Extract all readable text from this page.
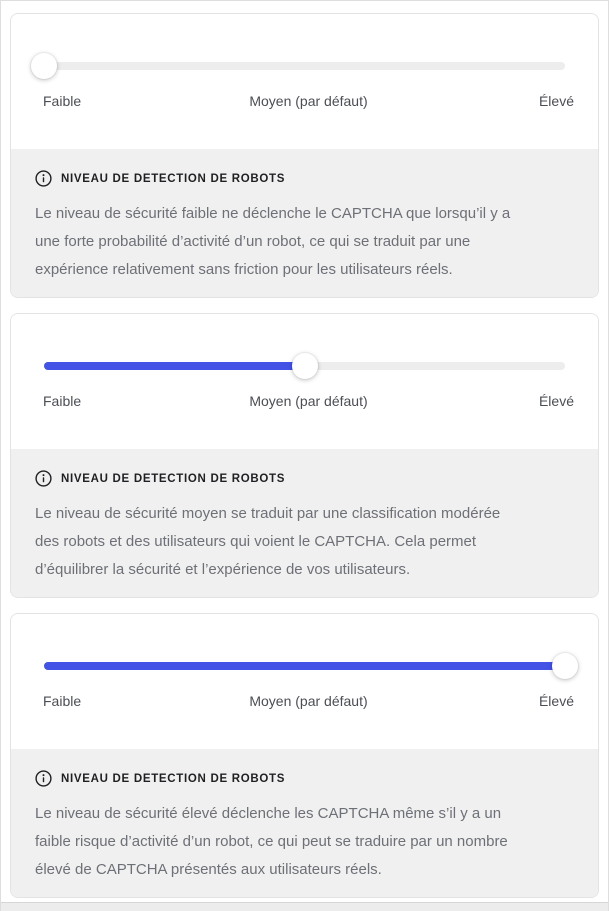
Faible	Moyen (par défaut)	Élevé
NIVEAU DE DETECTION DE ROBOTS
Le niveau de sécurité faible ne déclenche le CAPTCHA que lorsqu’il y a
une forte probabilité d’activité d’un robot, ce qui se traduit par une
expérience relativement sans friction pour les utilisateurs réels.
Faible	Moyen (par défaut)	Élevé
NIVEAU DE DETECTION DE ROBOTS
Le niveau de sécurité moyen se traduit par une classification modérée
des robots et des utilisateurs qui voient le CAPTCHA. Cela permet
d’équilibrer la sécurité et l’expérience de vos utilisateurs.
Faible	Moyen (par défaut)	Élevé
NIVEAU DE DETECTION DE ROBOTS
Le niveau de sécurité élevé déclenche les CAPTCHA même s’il y a un
faible risque d’activité d’un robot, ce qui peut se traduire par un nombre
élevé de CAPTCHA présentés aux utilisateurs réels.
